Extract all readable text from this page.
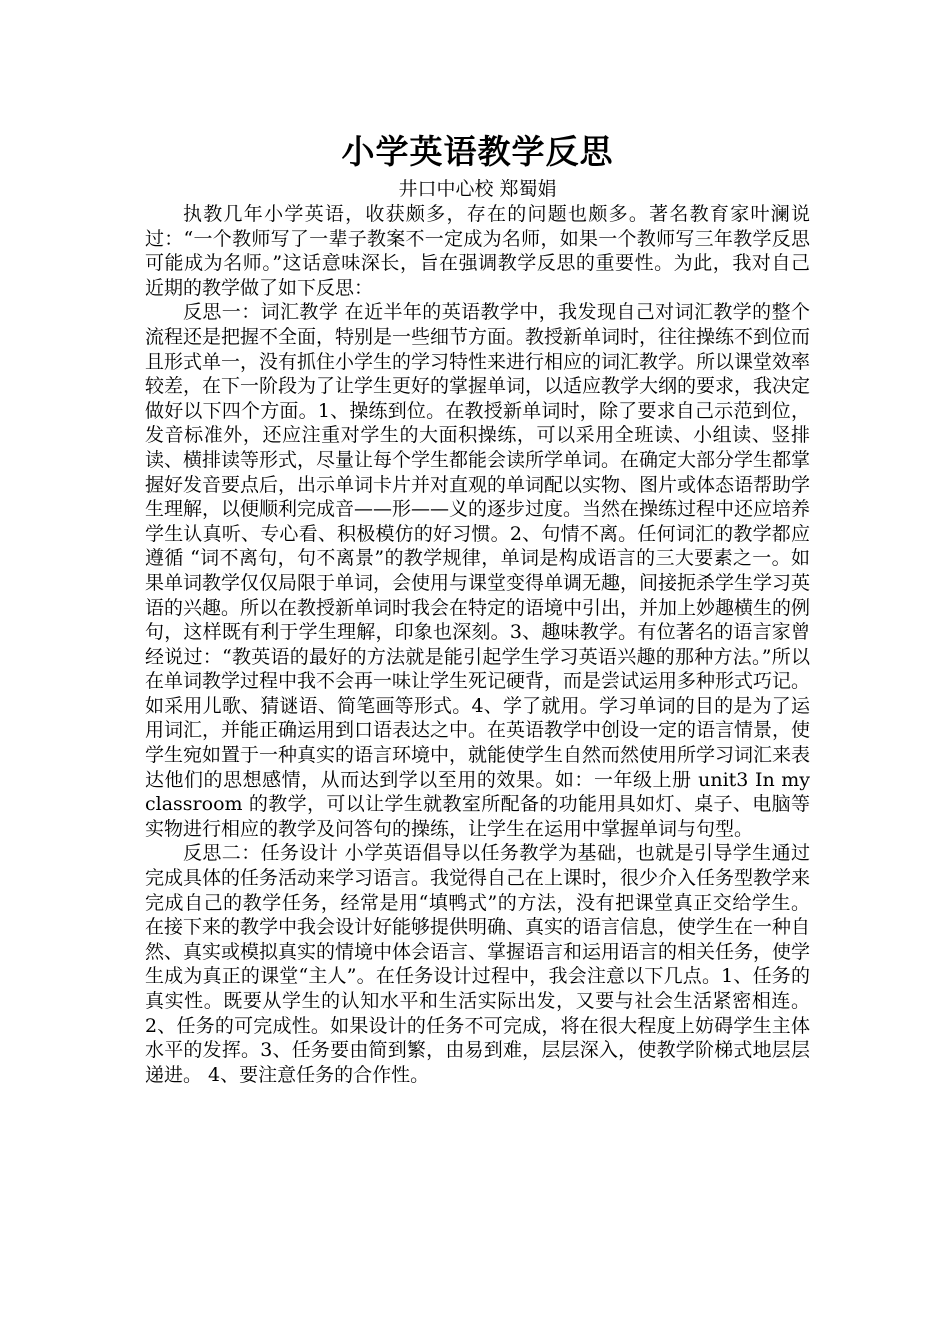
小学英语教学反思

井口中心校 郑蜀娟

执教几年小学英语，收获颇多，存在的问题也颇多。著名教育家叶澜说过：“一个教师写了一辈子教案不一定成为名师，如果一个教师写三年教学反思可能成为名师。”这话意味深长，旨在强调教学反思的重要性。为此，我对自己近期的教学做了如下反思：

反思一：词汇教学 在近半年的英语教学中，我发现自己对词汇教学的整个流程还是把握不全面，特别是一些细节方面。教授新单词时，往往操练不到位而且形式单一，没有抓住小学生的学习特性来进行相应的词汇教学。所以课堂效率较差，在下一阶段为了让学生更好的掌握单词，以适应教学大纲的要求，我决定做好以下四个方面。1、操练到位。在教授新单词时，除了要求自己示范到位，发音标准外，还应注重对学生的大面积操练，可以采用全班读、小组读、竖排读、横排读等形式，尽量让每个学生都能会读所学单词。在确定大部分学生都掌握好发音要点后，出示单词卡片并对直观的单词配以实物、图片或体态语帮助学生理解，以便顺利完成音——形——义的逐步过度。当然在操练过程中还应培养学生认真听、专心看、积极模仿的好习惯。2、句情不离。任何词汇的教学都应遵循 “词不离句，句不离景”的教学规律，单词是构成语言的三大要素之一。如果单词教学仅仅局限于单词，会使用与课堂变得单调无趣，间接扼杀学生学习英语的兴趣。所以在教授新单词时我会在特定的语境中引出，并加上妙趣横生的例句，这样既有利于学生理解，印象也深刻。3、趣味教学。有位著名的语言家曾经说过：“教英语的最好的方法就是能引起学生学习英语兴趣的那种方法。”所以在单词教学过程中我不会再一味让学生死记硬背，而是尝试运用多种形式巧记。如采用儿歌、猜谜语、简笔画等形式。4、学了就用。学习单词的目的是为了运用词汇，并能正确运用到口语表达之中。在英语教学中创设一定的语言情景，使学生宛如置于一种真实的语言环境中，就能使学生自然而然使用所学习词汇来表达他们的思想感情，从而达到学以至用的效果。如：一年级上册 unit3 In my classroom 的教学，可以让学生就教室所配备的功能用具如灯、桌子、电脑等实物进行相应的教学及问答句的操练，让学生在运用中掌握单词与句型。

反思二：任务设计 小学英语倡导以任务教学为基础，也就是引导学生通过完成具体的任务活动来学习语言。我觉得自己在上课时，很少介入任务型教学来完成自己的教学任务，经常是用“填鸭式”的方法，没有把课堂真正交给学生。在接下来的教学中我会设计好能够提供明确、真实的语言信息，使学生在一种自然、真实或模拟真实的情境中体会语言、掌握语言和运用语言的相关任务，使学生成为真正的课堂“主人”。在任务设计过程中，我会注意以下几点。1、任务的真实性。既要从学生的认知水平和生活实际出发，又要与社会生活紧密相连。2、任务的可完成性。如果设计的任务不可完成，将在很大程度上妨碍学生主体水平的发挥。3、任务要由简到繁，由易到难，层层深入，使教学阶梯式地层层递进。 4、要注意任务的合作性。
